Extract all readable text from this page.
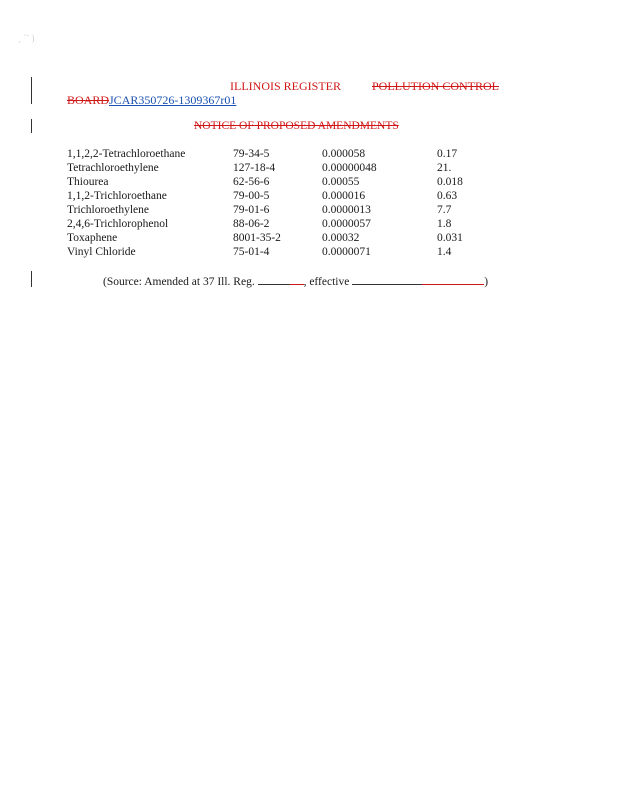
¸ ´ˉ )
ILLINOIS REGISTER	POLLUTION CONTROL
BOARDJCAR350726-1309367r01
NOTICE OF PROPOSED AMENDMENTS
1,1,2,2-Tetrachloroethane	79-34-5	0.000058	0.17
Tetrachloroethylene	127-18-4	0.00000048	21.
Thiourea	62-56-6	0.00055	0.018
1,1,2-Trichloroethane	79-00-5	0.000016	0.63
Trichloroethylene	79-01-6	0.0000013	7.7
2,4,6-Trichlorophenol	88-06-2	0.0000057	1.8
Toxaphene	8001-35-2	0.00032	0.031
Vinyl Chloride	75-01-4	0.0000071	1.4
(Source: Amended at 37 Ill. Reg.	, effective	)
